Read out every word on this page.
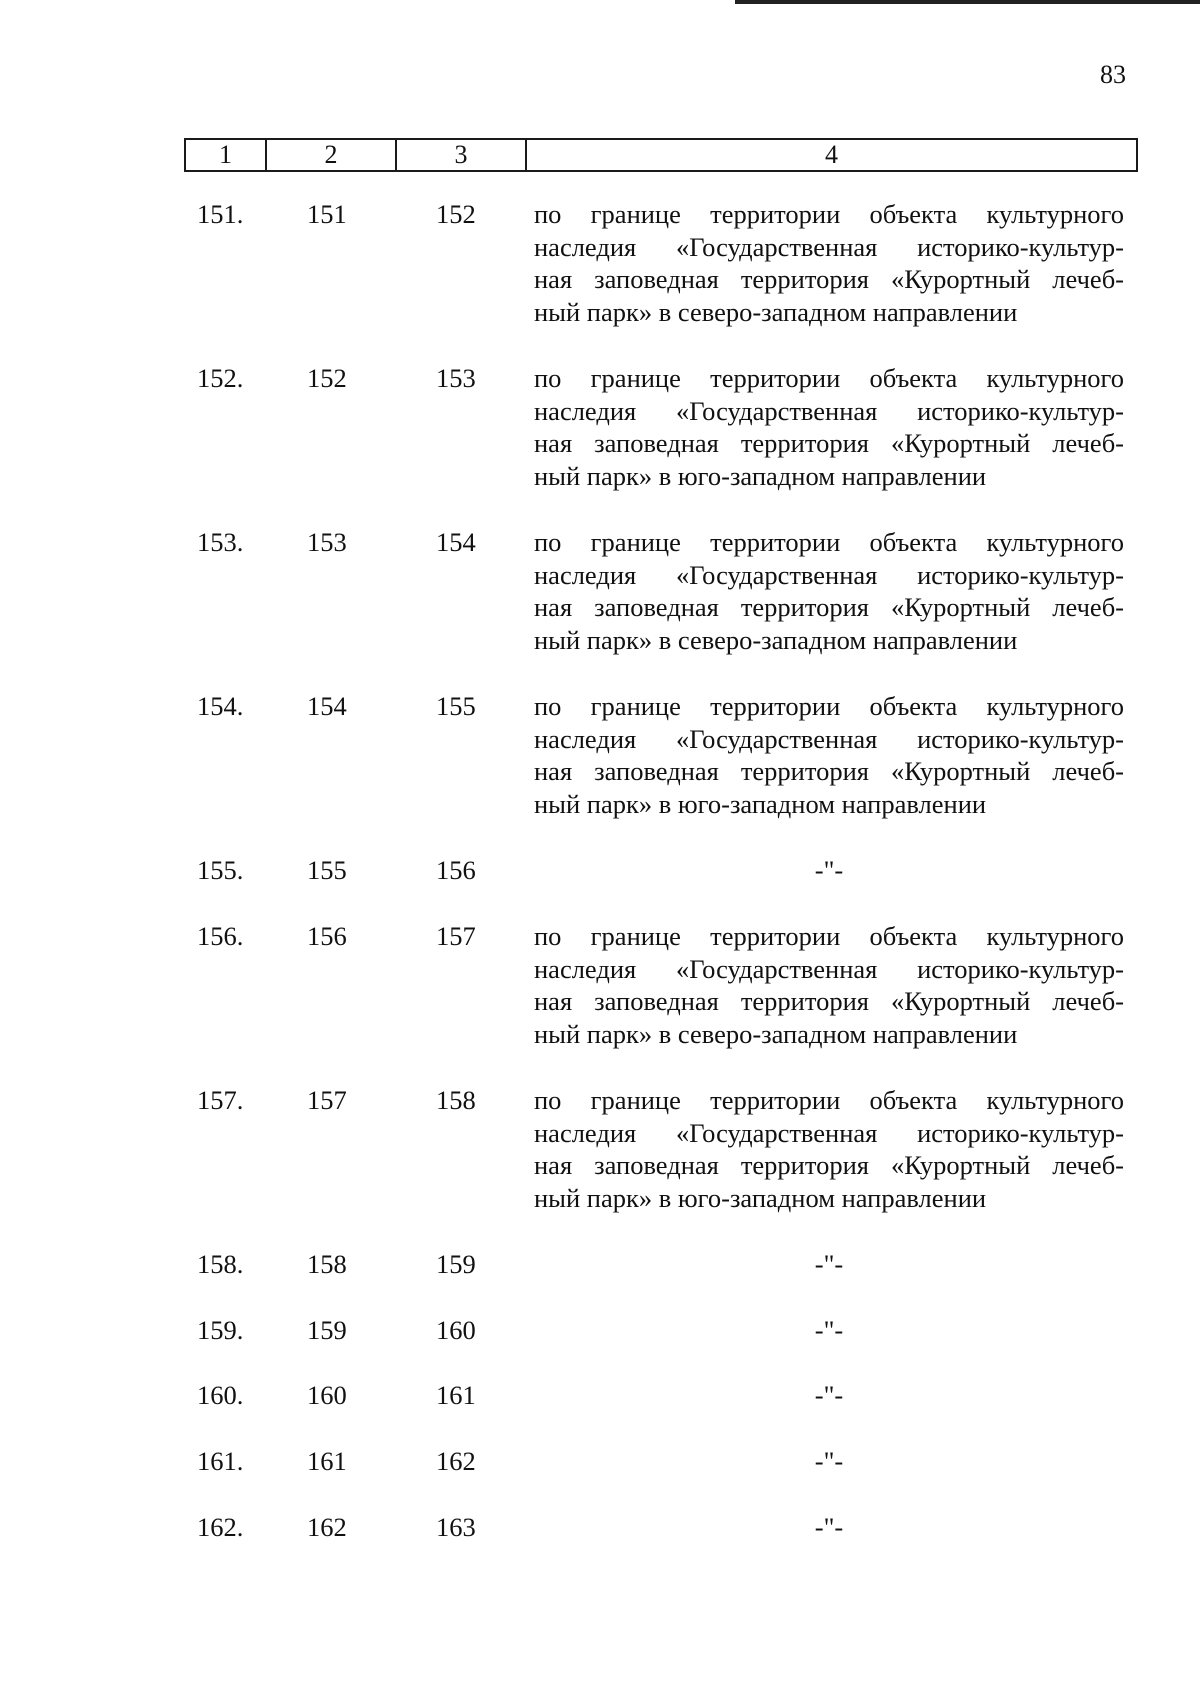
83
1	2	3	4
151. 151	152 по границе территории объекта культурного
наследия «Государственная историко-культур-
ная заповедная территория «Курортный лечеб-
ный парк» в северо-западном направлении
152. 152	153 по границе территории объекта культурного
наследия «Государственная историко-культур-
ная заповедная территория «Курортный лечеб-
ный парк» в юго-западном направлении
153. 153	154 по границе территории объекта культурного
наследия «Государственная историко-культур-
ная заповедная территория «Курортный лечеб-
ный парк» в северо-западном направлении
154. 154	155 по границе территории объекта культурного
наследия «Государственная историко-культур-
ная заповедная территория «Курортный лечеб-
ный парк» в юго-западном направлении
155. 155	156	-"-
156. 156	157 по границе территории объекта культурного
наследия «Государственная историко-культур-
ная заповедная территория «Курортный лечеб-
ный парк» в северо-западном направлении
157. 157	158 по границе территории объекта культурного
наследия «Государственная историко-культур-
ная заповедная территория «Курортный лечеб-
ный парк» в юго-западном направлении
158. 158	159	-"-
159. 159	160	-"-
160. 160	161	-"-
161. 161	162	-"-
162. 162	163	-"-
